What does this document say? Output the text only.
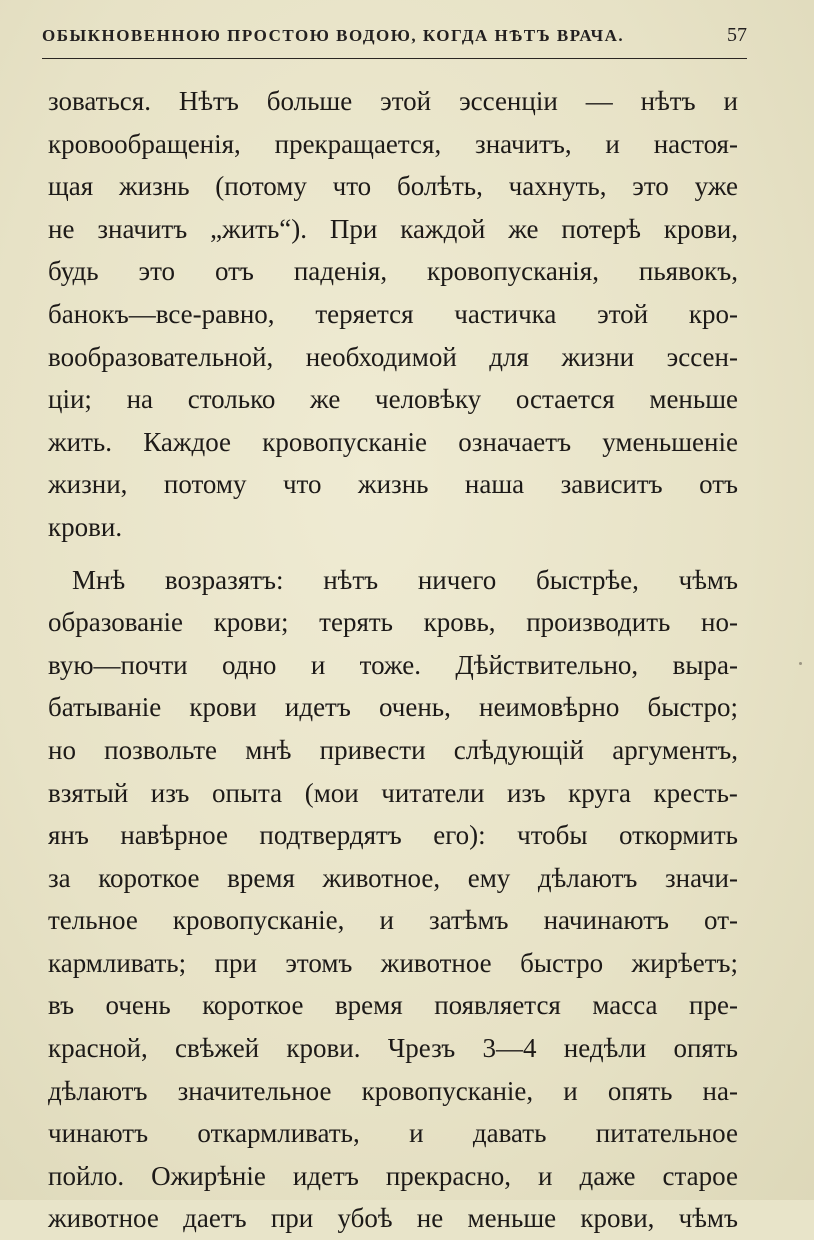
ОБЫКНОВЕННОЮ ПРОСТОЮ ВОДОЮ, КОГДА НѢТЪ ВРАЧА.	57
зоваться. Нѣтъ больше этой эссенціи — нѣтъ и
кровообращенія, прекращается, значитъ, и настоя-
щая жизнь (потому что болѣть, чахнуть, это уже
не значитъ „жить“). При каждой же потерѣ крови,
будь это отъ паденія, кровопусканія, пьявокъ,
банокъ—все-равно, теряется частичка этой кро-
вообразовательной, необходимой для жизни эссен-
ціи; на столько же человѣку остается меньше
жить. Каждое кровопусканіе означаетъ уменьшеніе
жизни, потому что жизнь наша зависитъ отъ
крови.
Мнѣ возразятъ: нѣтъ ничего быстрѣе, чѣмъ
образованіе крови; терять кровь, производить но-
вую—почти одно и тоже. Дѣйствительно, выра-
батываніе крови идетъ очень, неимовѣрно быстро;
но позвольте мнѣ привести слѣдующій аргументъ,
взятый изъ опыта (мои читатели изъ круга кресть-
янъ навѣрное подтвердятъ его): чтобы откормить
за короткое время животное, ему дѣлаютъ значи-
тельное кровопусканіе, и затѣмъ начинаютъ от-
кармливать; при этомъ животное быстро жирѣетъ;
въ очень короткое время появляется масса пре-
красной, свѣжей крови. Чрезъ 3—4 недѣли опять
дѣлаютъ значительное кровопусканіе, и опять на-
чинаютъ откармливать, и давать питательное
пойло. Ожирѣніе идетъ прекрасно, и даже старое
животное даетъ при убоѣ не меньше крови, чѣмъ
